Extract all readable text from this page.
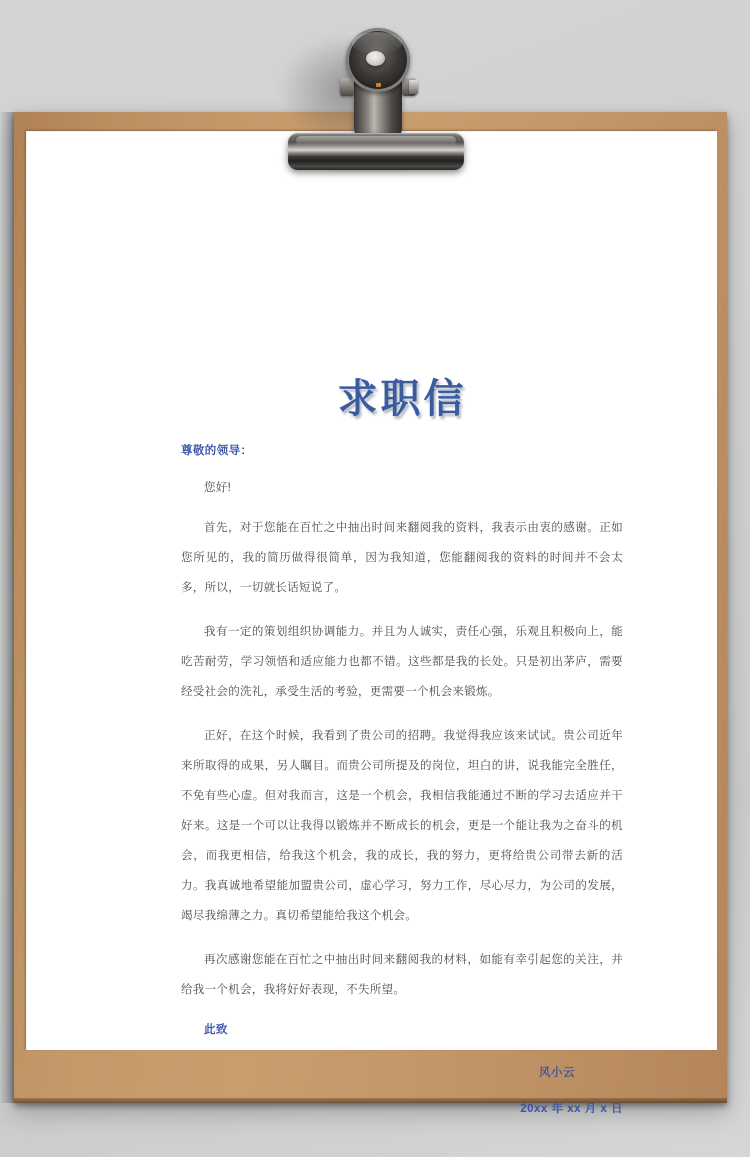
求职信

尊敬的领导：

您好!

首先，对于您能在百忙之中抽出时间来翻阅我的资料，我表示由衷的感谢。正如您所见的，我的简历做得很简单，因为我知道，您能翻阅我的资料的时间并不会太多，所以，一切就长话短说了。

我有一定的策划组织协调能力。并且为人诚实，责任心强，乐观且积极向上，能吃苦耐劳，学习领悟和适应能力也都不错。这些都是我的长处。只是初出茅庐，需要经受社会的洗礼，承受生活的考验，更需要一个机会来锻炼。

正好，在这个时候，我看到了贵公司的招聘。我觉得我应该来试试。贵公司近年来所取得的成果，另人瞩目。而贵公司所提及的岗位，坦白的讲，说我能完全胜任，不免有些心虚。但对我而言，这是一个机会，我相信我能通过不断的学习去适应并干好来。这是一个可以让我得以锻炼并不断成长的机会，更是一个能让我为之奋斗的机会，而我更相信，给我这个机会，我的成长，我的努力，更将给贵公司带去新的活力。我真诚地希望能加盟贵公司，虚心学习，努力工作，尽心尽力，为公司的发展，竭尽我绵薄之力。真切希望能给我这个机会。

再次感谢您能在百忙之中抽出时间来翻阅我的材料，如能有幸引起您的关注，并给我一个机会，我将好好表现，不失所望。

此致

风小云

20xx 年 xx 月 x 日
